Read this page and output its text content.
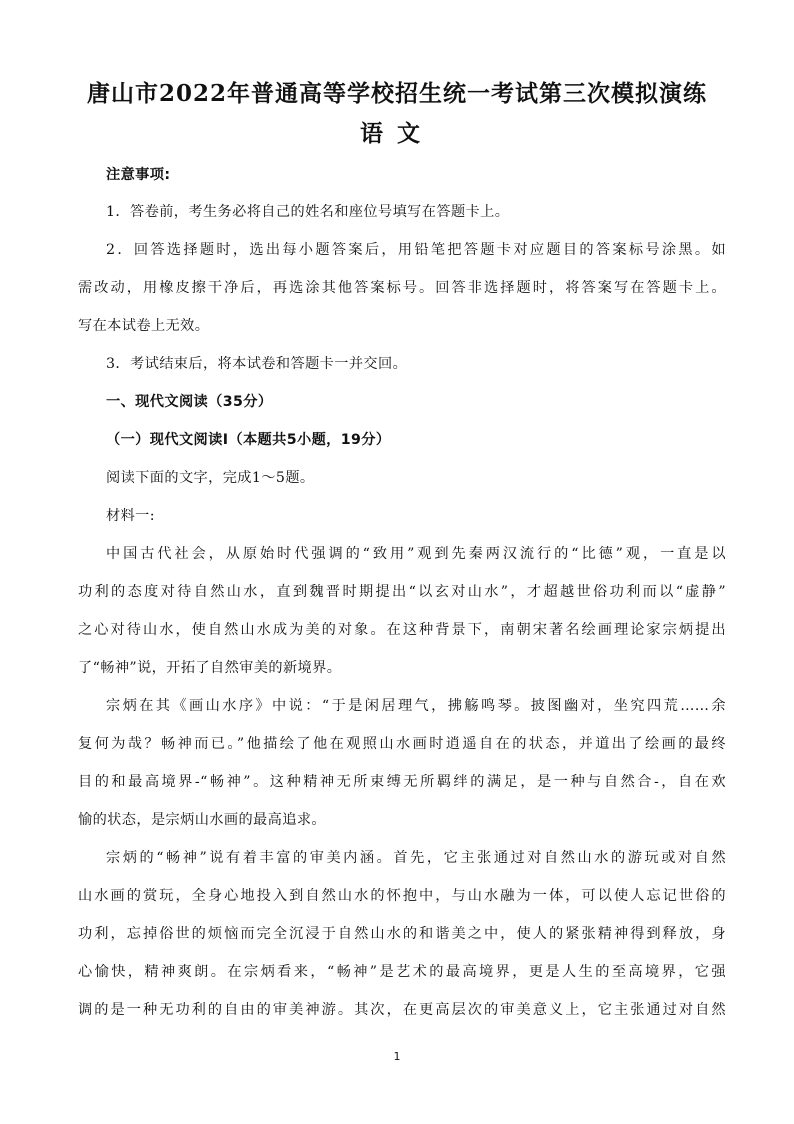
唐山市2022年普通高等学校招生统一考试第三次模拟演练
语文
注意事项:
1．答卷前，考生务必将自己的姓名和座位号填写在答题卡上。
2．回答选择题时，选出每小题答案后，用铅笔把答题卡对应题目的答案标号涂黑。如
需改动，用橡皮擦干净后，再选涂其他答案标号。回答非选择题时，将答案写在答题卡上。
写在本试卷上无效。
3．考试结束后，将本试卷和答题卡一并交回。
一、现代文阅读（35分）
（一）现代文阅读Ⅰ（本题共5小题，19分）
阅读下面的文字，完成1～5题。
材料一:
中国古代社会，从原始时代强调的“致用”观到先秦两汉流行的“比德”观，一直是以
功利的态度对待自然山水，直到魏晋时期提出“以玄对山水”，才超越世俗功利而以“虚静”
之心对待山水，使自然山水成为美的对象。在这种背景下，南朝宋著名绘画理论家宗炳提出
了“畅神”说，开拓了自然审美的新境界。
宗炳在其《画山水序》中说：“于是闲居理气，拂觞鸣琴。披图幽对，坐究四荒……余
复何为哉？畅神而已。”他描绘了他在观照山水画时逍遥自在的状态，并道出了绘画的最终
目的和最高境界-“畅神”。这种精神无所束缚无所羁绊的满足，是一种与自然合-，自在欢
愉的状态，是宗炳山水画的最高追求。
宗炳的“畅神”说有着丰富的审美内涵。首先，它主张通过对自然山水的游玩或对自然
山水画的赏玩，全身心地投入到自然山水的怀抱中，与山水融为一体，可以使人忘记世俗的
功利，忘掉俗世的烦恼而完全沉浸于自然山水的和谐美之中，使人的紧张精神得到释放，身
心愉快，精神爽朗。在宗炳看来，“畅神”是艺术的最高境界，更是人生的至高境界，它强
调的是一种无功利的自由的审美神游。其次，在更高层次的审美意义上，它主张通过对自然
1
